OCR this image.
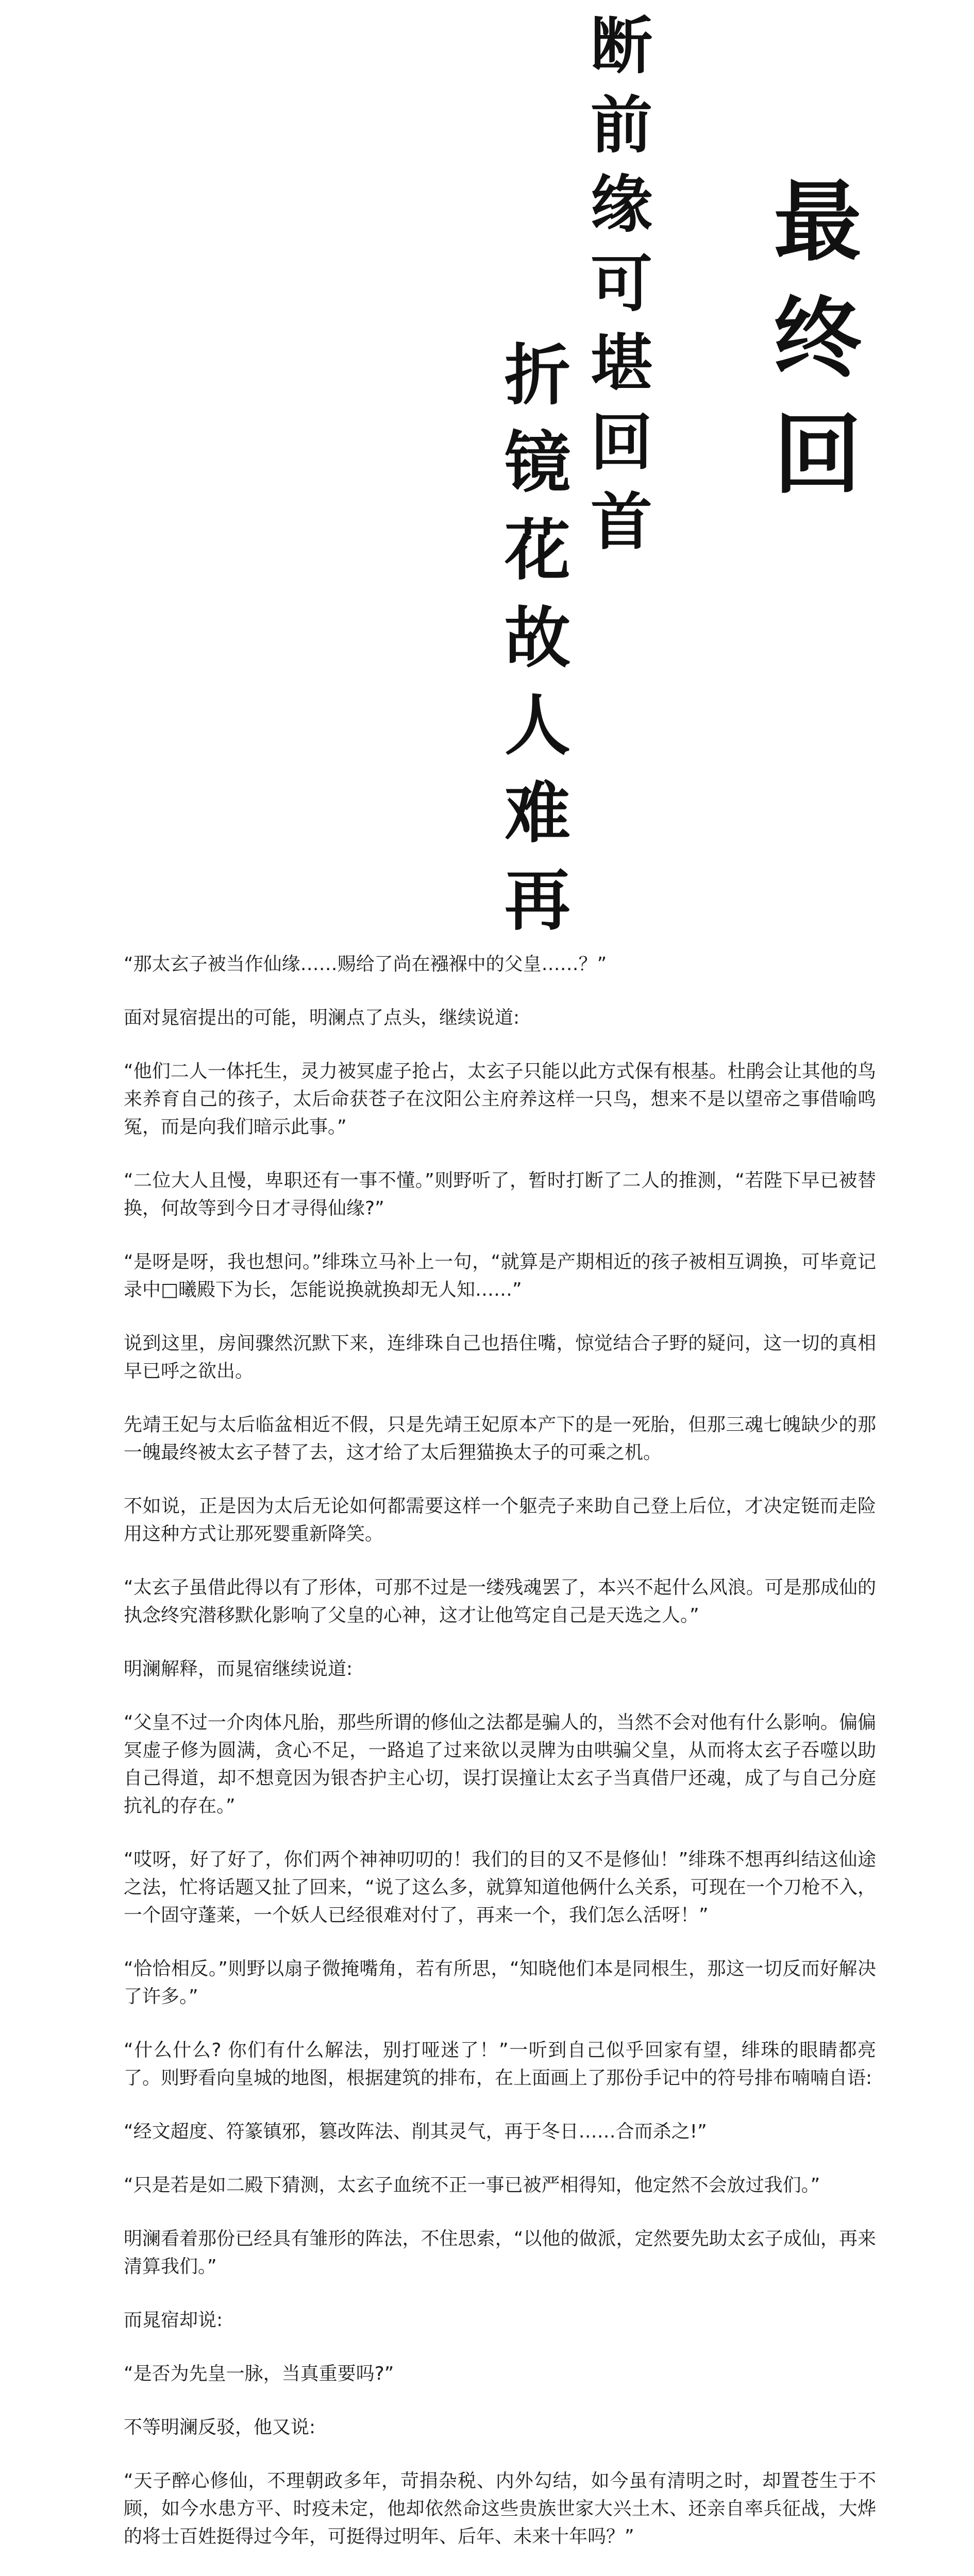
断前缘可堪回首
折镜花故人难再 最终回

“那太玄子被当作仙缘……赐给了尚在襁褓中的父皇……？”

面对晁宿提出的可能，明澜点了点头，继续说道:

“他们二人一体托生，灵力被冥虚子抢占，太玄子只能以此方式保有根基。杜鹃会让其他的鸟来养育自己的孩子，太后命获苍子在汶阳公主府养这样一只鸟，想来不是以望帝之事借喻鸣冤，而是向我们暗示此事。”

“二位大人且慢，卑职还有一事不懂。”则野听了，暂时打断了二人的推测，“若陛下早已被替换，何故等到今日才寻得仙缘?”

“是呀是呀，我也想问。”绯珠立马补上一句，“就算是产期相近的孩子被相互调换，可毕竟记录中□曦殿下为长，怎能说换就换却无人知……”

说到这里，房间骤然沉默下来，连绯珠自己也捂住嘴，惊觉结合子野的疑问，这一切的真相早已呼之欲出。

先靖王妃与太后临盆相近不假，只是先靖王妃原本产下的是一死胎，但那三魂七魄缺少的那一魄最终被太玄子替了去，这才给了太后狸猫换太子的可乘之机。

不如说，正是因为太后无论如何都需要这样一个躯壳子来助自己登上后位，才决定铤而走险用这种方式让那死婴重新降笑。

“太玄子虽借此得以有了形体，可那不过是一缕残魂罢了，本兴不起什么风浪。可是那成仙的执念终究潜移默化影响了父皇的心神，这才让他笃定自己是天选之人。”

明澜解释，而晁宿继续说道:

“父皇不过一介肉体凡胎，那些所谓的修仙之法都是骗人的，当然不会对他有什么影响。偏偏冥虚子修为圆满，贪心不足，一路追了过来欲以灵牌为由哄骗父皇，从而将太玄子吞噬以助自己得道，却不想竟因为银杏护主心切，误打误撞让太玄子当真借尸还魂，成了与自己分庭抗礼的存在。”

“哎呀，好了好了，你们两个神神叨叨的！我们的目的又不是修仙！”绯珠不想再纠结这仙途之法，忙将话题又扯了回来，“说了这么多，就算知道他俩什么关系，可现在一个刀枪不入，一个固守蓬莱，一个妖人已经很难对付了，再来一个，我们怎么活呀！”

“恰恰相反。”则野以扇子微掩嘴角，若有所思，“知晓他们本是同根生，那这一切反而好解决了许多。”

“什么什么? 你们有什么解法，别打哑迷了！”一听到自己似乎回家有望，绯珠的眼睛都亮了。则野看向皇城的地图，根据建筑的排布，在上面画上了那份手记中的符号排布喃喃自语:

“经文超度、符篆镇邪，篡改阵法、削其灵气，再于冬日……合而杀之!”

“只是若是如二殿下猜测，太玄子血统不正一事已被严相得知，他定然不会放过我们。”

明澜看着那份已经具有雏形的阵法，不住思索，“以他的做派，定然要先助太玄子成仙，再来清算我们。”

而晁宿却说:

“是否为先皇一脉，当真重要吗?”

不等明澜反驳，他又说:

“天子醉心修仙，不理朝政多年，苛捐杂税、内外勾结，如今虽有清明之时，却置苍生于不顾，如今水患方平、时疫未定，他却依然命这些贵族世家大兴土木、还亲自率兵征战，大烨的将士百姓挺得过今年，可挺得过明年、后年、未来十年吗？”
